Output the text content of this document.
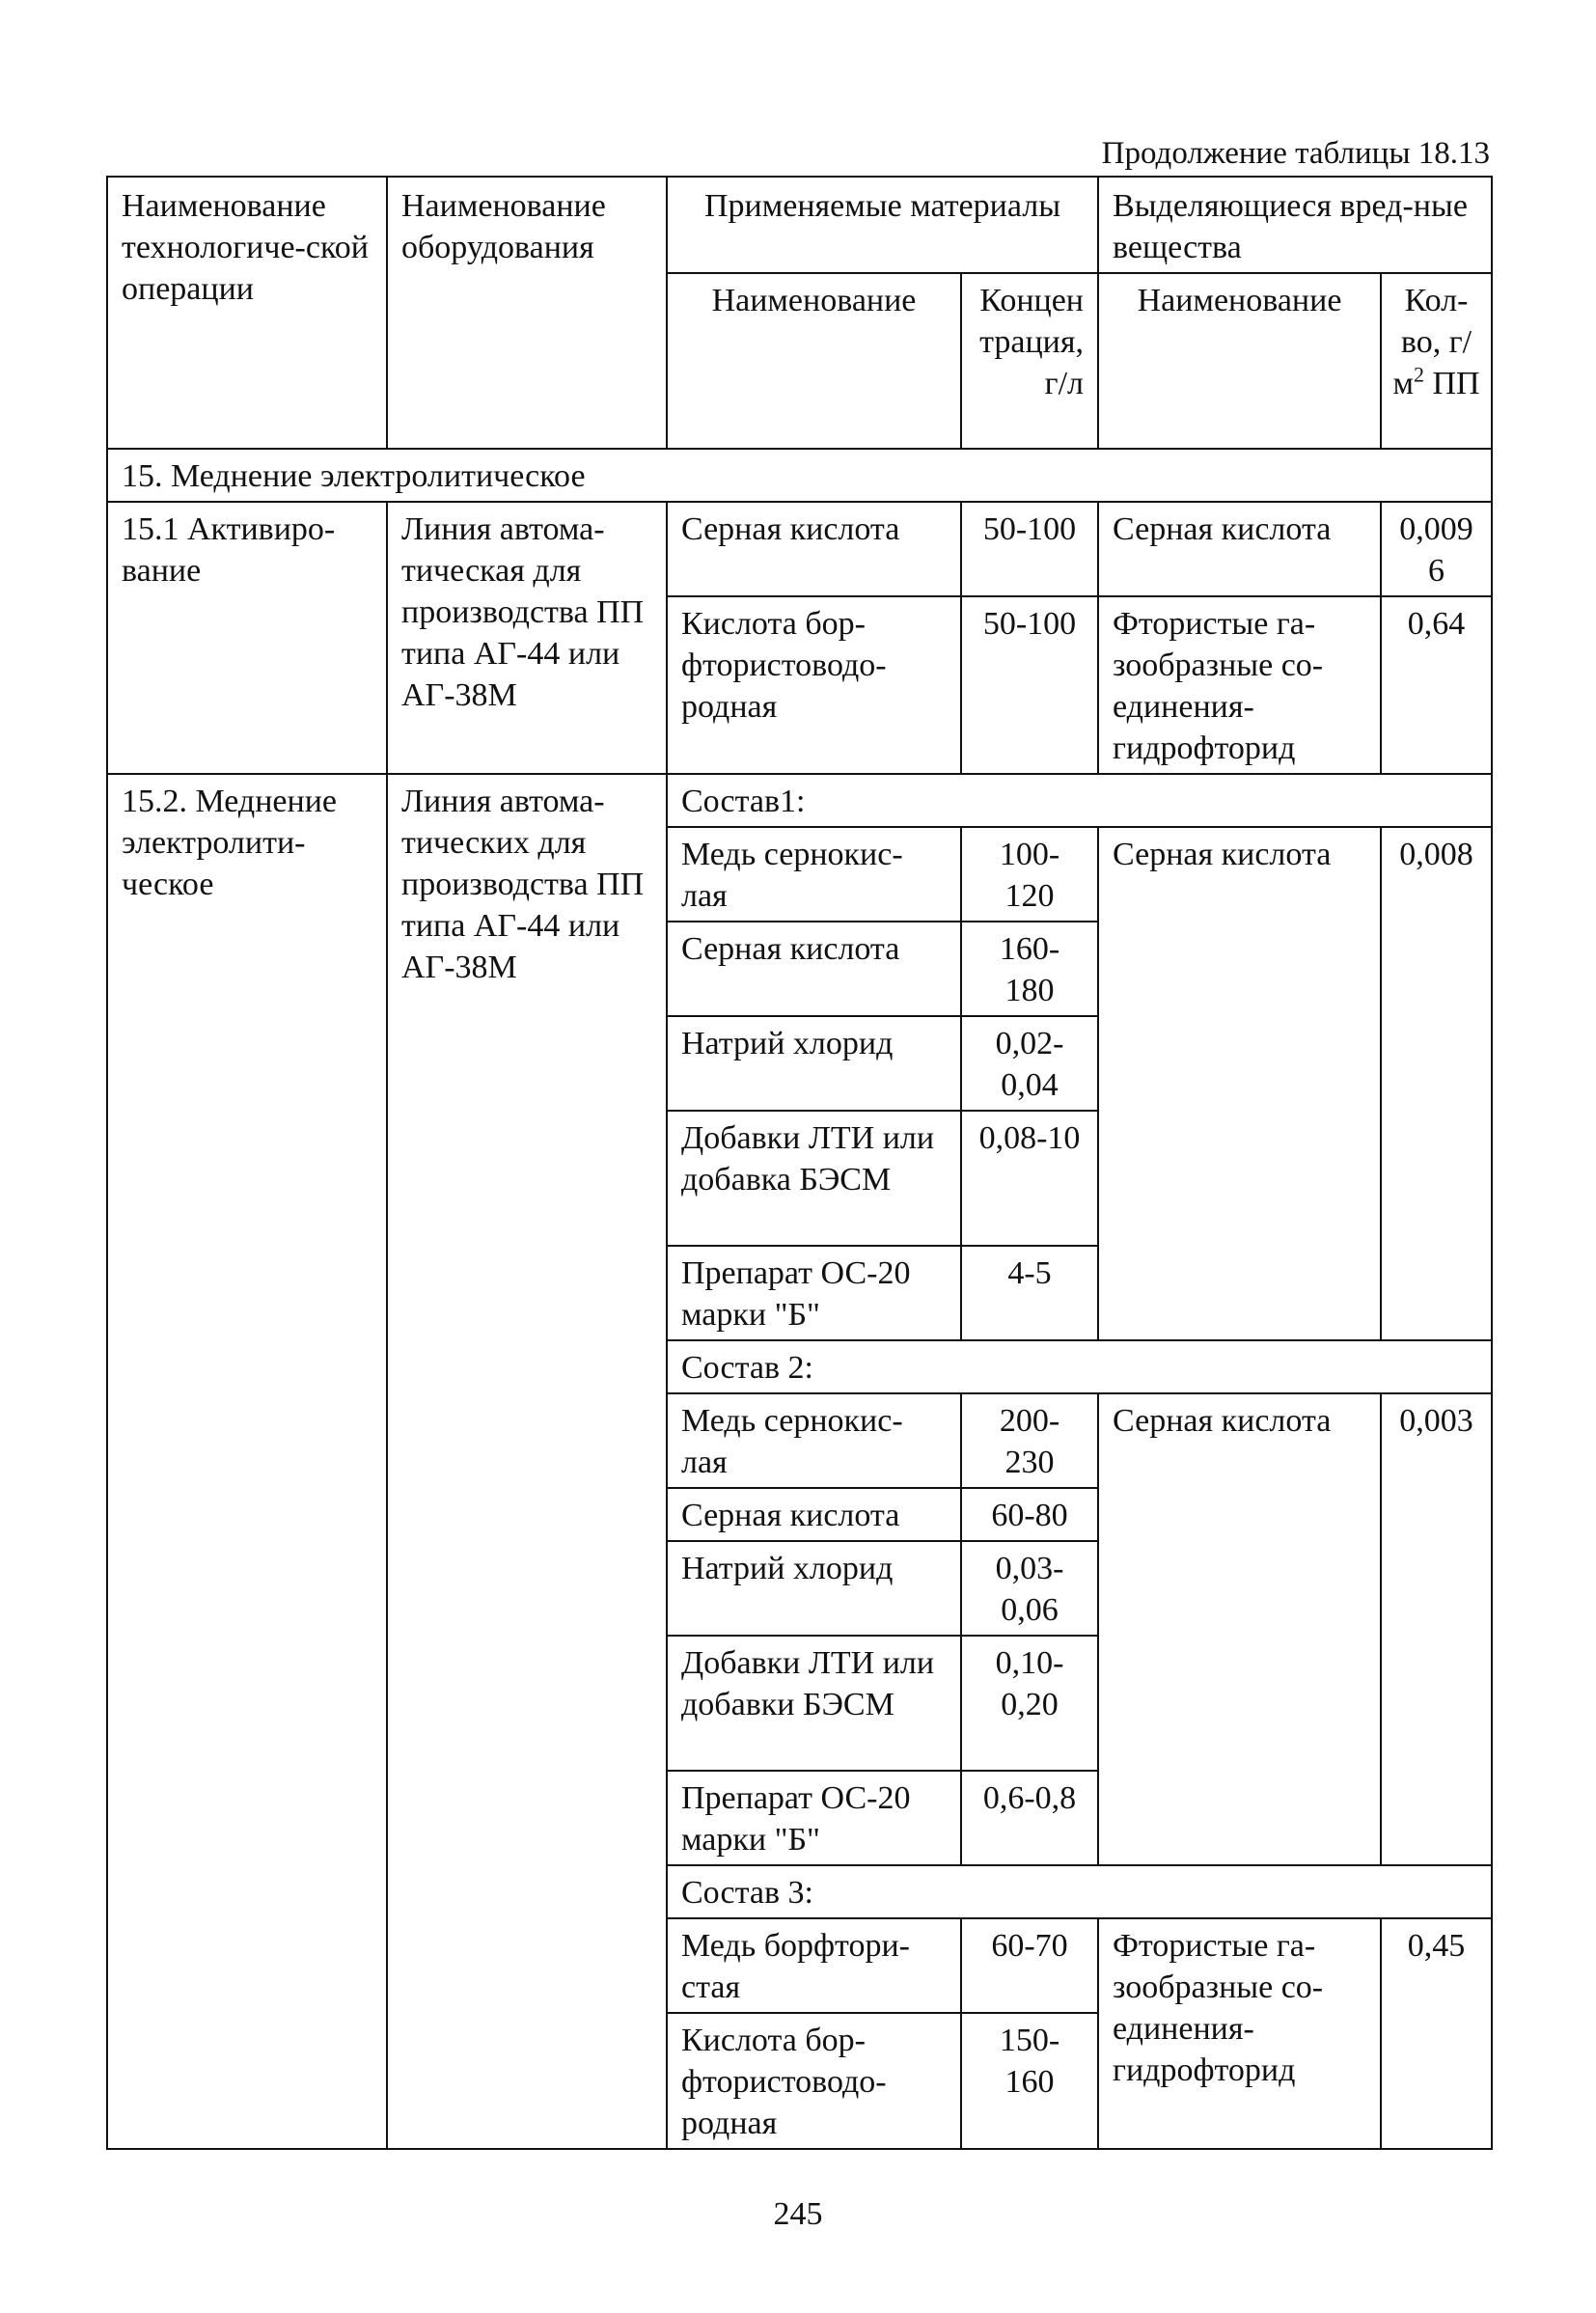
Продолжение таблицы 18.13
Наименование технологиче-ской операции	Наименование оборудования	Применяемые материалы		Выделяющиеся вред-ные вещества	
		Наименование	Концен трация, г/л	Наименование	Кол-во, $г/м^2$ ПП
15. Меднение электролитическое					
15.1 Активиро-вание	Линия автома-тическая для производства ПП типа АГ-44 или АГ-38М	Серная кислота	50-100	Серная кислота	0,009 6
		Кислота бор-фтористоводо-родная	50-100	Фтористые га-зообразные со-единения-гидрофторид	0,64
15.2. Меднение электролити-ческое	Линия автома-тических для производства ПП типа АГ-44 или АГ-38М	Состав1:			
		Медь сернокис-лая	100-120	Серная кислота	0,008
		Серная кислота	160-180		
		Натрий хлорид	0,02-0,04		
		Добавки ЛТИ или добавка БЭСМ	0,08-10		
		Препарат ОС-20 марки "Б"	4-5		
		Состав 2:			
		Медь сернокис-лая	200-230	Серная кислота	0,003
		Серная кислота	60-80		
		Натрий хлорид	0,03-0,06		
		Добавки ЛТИ или добавки БЭСМ	0,10-0,20		
		Препарат ОС-20 марки "Б"	0,6-0,8		
		Состав 3:			
		Медь борфтори-стая	60-70	Фтористые га-зообразные со-единения-гидрофторид	0,45
		Кислота бор-фтористоводо-родная	150-160		

245
